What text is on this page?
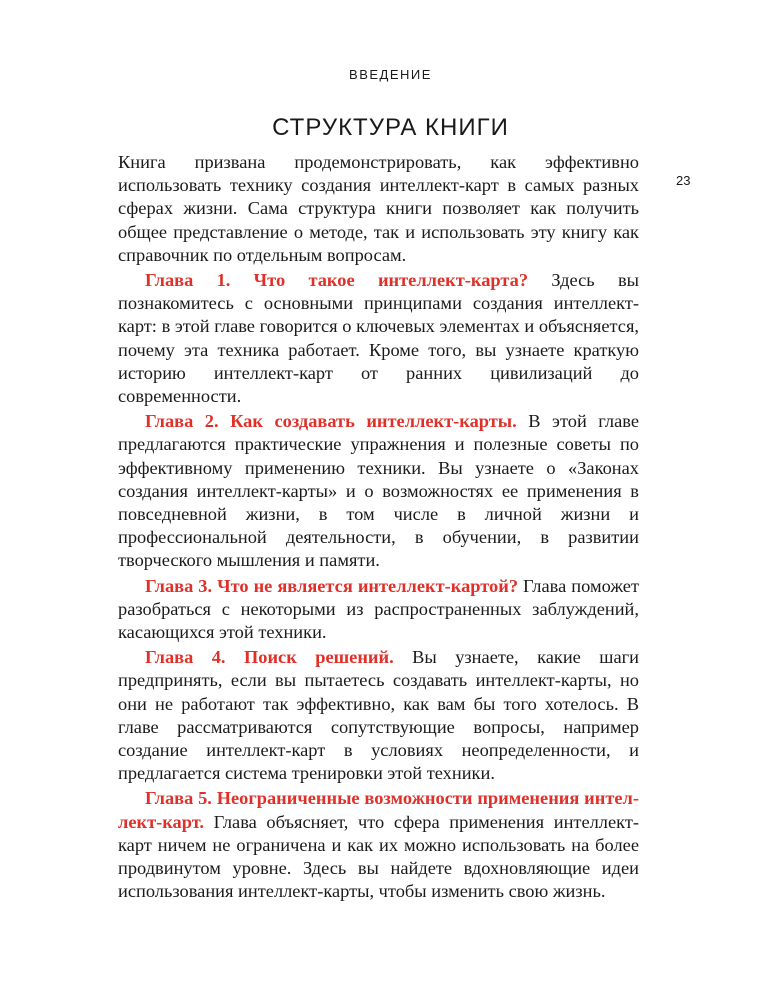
ВВЕДЕНИЕ
23
СТРУКТУРА КНИГИ

Книга призвана продемонстрировать, как эффективно использовать технику создания интеллект-карт в самых разных сферах жизни. Сама структура книги позволяет как получить общее представление о методе, так и использовать эту книгу как справочник по отдельным вопросам.

Глава 1. Что такое интеллект-карта? Здесь вы познакомитесь с основными принципами создания интеллект-карт: в этой главе говорится о ключевых элементах и объясняется, почему эта техника работает. Кроме того, вы узнаете краткую историю интеллект-карт от ранних цивилизаций до современности.

Глава 2. Как создавать интеллект-карты. В этой главе предлагаются практические упражнения и полезные советы по эффективному применению техники. Вы узнаете о «Законах создания интеллект-карты» и о возможностях ее применения в повседневной жизни, в том числе в личной жизни и профессиональной деятельности, в обучении, в развитии творческого мышления и памяти.

Глава 3. Что не является интеллект-картой? Глава поможет разобраться с некоторыми из распространенных заблуждений, касающихся этой техники.

Глава 4. Поиск решений. Вы узнаете, какие шаги предпринять, если вы пытаетесь создавать интеллект-карты, но они не работают так эффективно, как вам бы того хотелось. В главе рассматриваются сопутствующие вопросы, например создание интеллект-карт в условиях неопределенности, и предлагается система тренировки этой техники.

Глава 5. Неограниченные возможности применения интеллект-карт. Глава объясняет, что сфера применения интеллект-карт ничем не ограничена и как их можно использовать на более продвинутом уровне. Здесь вы найдете вдохновляющие идеи использования интеллект-карты, чтобы изменить свою жизнь.
